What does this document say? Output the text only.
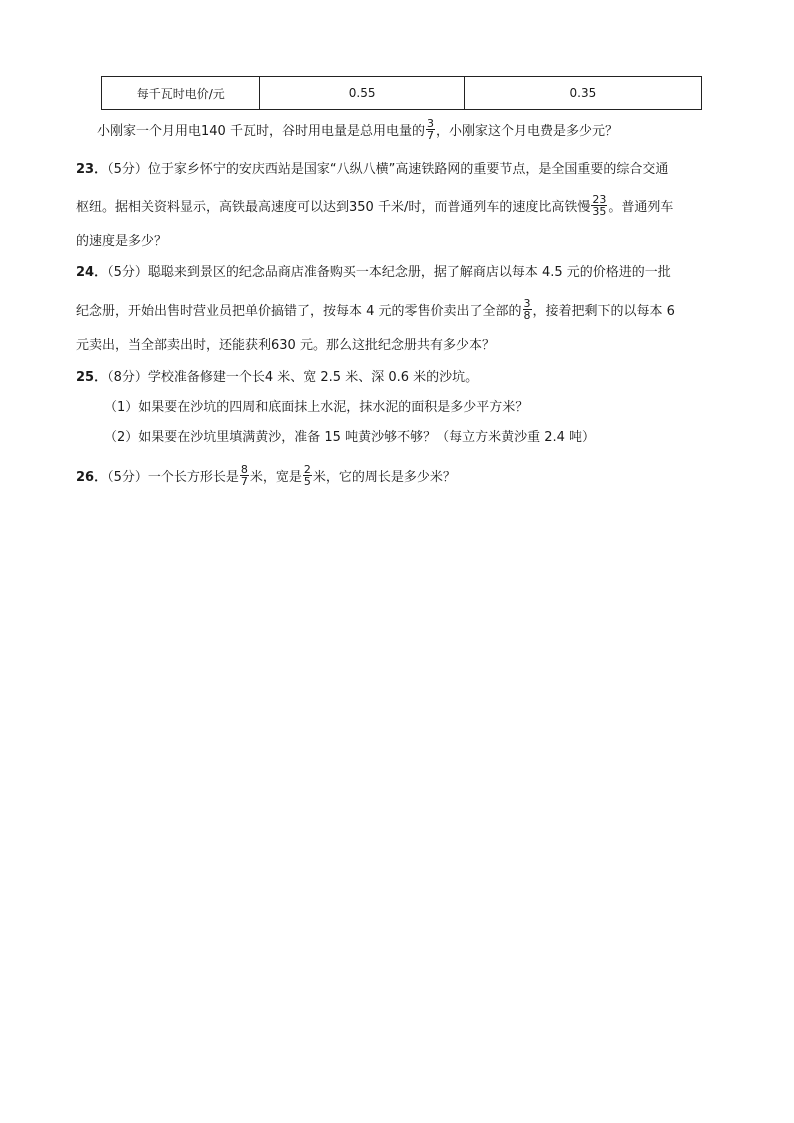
每千瓦时电价/元	0.55	0.35
小刚家一个月用电140 千瓦时，谷时用电量是总用电量的 $\frac{3}{7}$ ，小刚家这个月电费是多少元？
23．（5分）位于家乡怀宁的安庆西站是国家“八纵八横”高速铁路网的重要节点，是全国重要的综合交通
枢纽。据相关资料显示，高铁最高速度可以达到350 千米/时，而普通列车的速度比高铁慢 $\frac{23}{35}$ 。普通列车
的速度是多少？
24．（5分）聪聪来到景区的纪念品商店准备购买一本纪念册，据了解商店以每本 4.5 元的价格进的一批
纪念册，开始出售时营业员把单价搞错了，按每本 4 元的零售价卖出了全部的 $\frac{3}{8}$ ，接着把剩下的以每本 6
元卖出，当全部卖出时，还能获利630 元。那么这批纪念册共有多少本？
25．（8分）学校准备修建一个长4 米、宽 2.5 米、深 0.6 米的沙坑。
（1）如果要在沙坑的四周和底面抹上水泥，抹水泥的面积是多少平方米？
（2）如果要在沙坑里填满黄沙，准备 15 吨黄沙够不够？（每立方米黄沙重 2.4 吨）
26．（5分）一个长方形长是 $\frac{8}{7}$ 米，宽是 $\frac{2}{5}$ 米，它的周长是多少米？
